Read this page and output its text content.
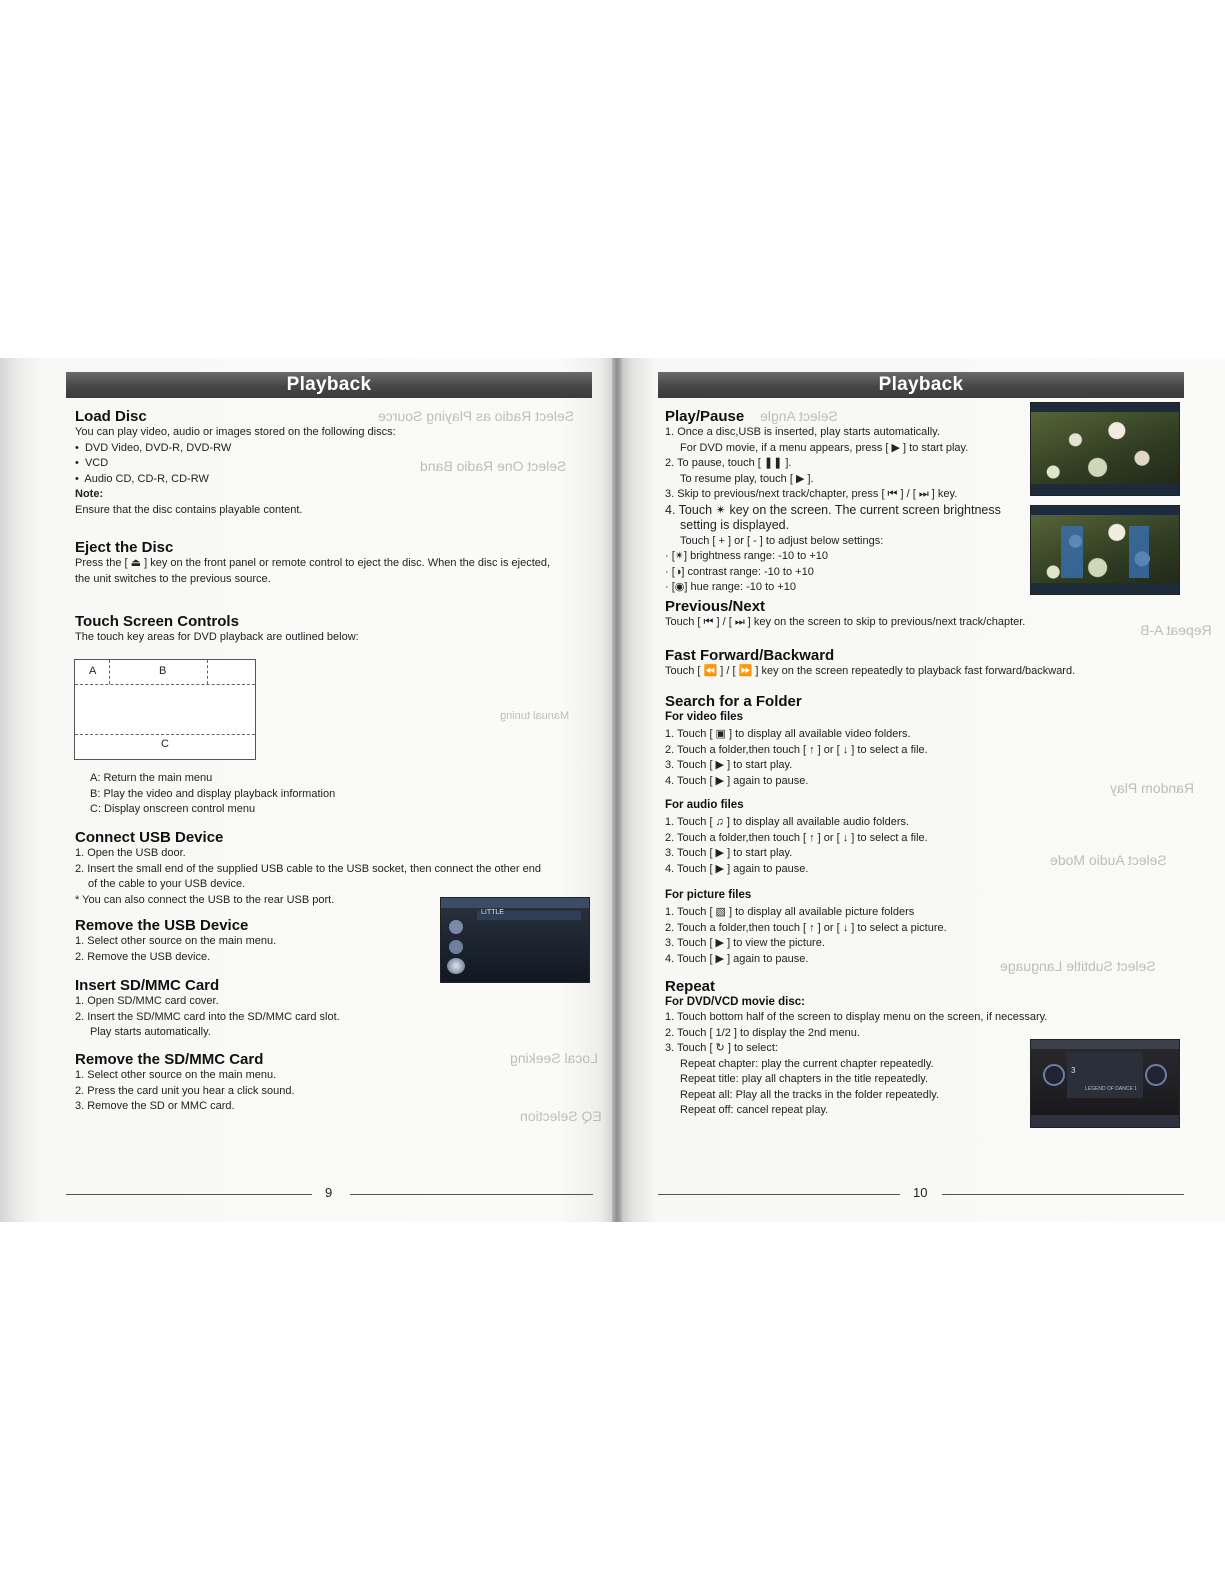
Select Radio as Playing Source
Select One Radio Band
Manual tuning
Local Seeking
EQ Selection
Select Angle
Repeat A-B
Random Play
Select Audio Mode
Select Subtitle Language
Playback
Load Disc
You can play video, audio or images stored on the following discs:
•  DVD Video, DVD-R, DVD-RW
•  VCD
•  Audio CD, CD-R, CD-RW
Note:
Ensure that the disc contains playable content.
Eject the Disc
Press the [ ⏏ ] key on the front panel or remote control to eject the disc. When the disc is ejected,
the unit switches to the previous source.
Touch Screen Controls
The touch key areas for DVD playback are outlined below:
A	B
C
A: Return the main menu
B: Play the video and display playback information
C: Display onscreen control menu
Connect USB Device
1. Open the USB door.
2. Insert the small end of the supplied USB cable to the USB socket, then connect the other end
of the cable to your USB device.
* You can also connect the USB to the rear USB port.
LITTLE
Remove the USB Device
1. Select other source on the main menu.
2. Remove the USB device.
Insert SD/MMC Card
1. Open SD/MMC card cover.
2. Insert the SD/MMC card into the SD/MMC card slot.
Play starts automatically.
Remove the SD/MMC Card
1. Select other source on the main menu.
2. Press the card unit you hear a click sound.
3. Remove the SD or MMC card.
9
Playback
Play/Pause
1. Once a disc,USB is inserted, play starts automatically.
For DVD movie, if a menu appears, press [ ▶ ] to start play.
2. To pause, touch [ ❚❚ ].
To resume play, touch [ ▶ ].
3. Skip to previous/next track/chapter, press [ ⏮ ] / [ ⏭ ] key.
4. Touch ✴ key on the screen. The current screen brightness
setting is displayed.
Touch [ + ] or [ - ] to adjust below settings:
· [✴] brightness range: -10 to +10
· [◑] contrast range: -10 to +10
· [◉] hue range: -10 to +10
Previous/Next
Touch [ ⏮ ] / [ ⏭ ] key on the screen to skip to previous/next track/chapter.
Fast Forward/Backward
Touch [ ⏪ ] / [ ⏩ ] key on the screen repeatedly to playback fast forward/backward.
Search for a Folder
For video files
1. Touch [ ▣ ] to display all available video folders.
2. Touch a folder,then touch [ ↑ ] or [ ↓ ] to select a file.
3. Touch [ ▶ ] to start play.
4. Touch [ ▶ ] again to pause.
For audio files
1. Touch [ ♫ ] to display all available audio folders.
2. Touch a folder,then touch [ ↑ ] or [ ↓ ] to select a file.
3. Touch [ ▶ ] to start play.
4. Touch [ ▶ ] again to pause.
For picture files
1. Touch [ ▧ ] to display all available picture folders
2. Touch a folder,then touch [ ↑ ] or [ ↓ ] to select a picture.
3. Touch [ ▶ ] to view the picture.
4. Touch [ ▶ ] again to pause.
Repeat
For DVD/VCD movie disc:
1. Touch bottom half of the screen to display menu on the screen, if necessary.
2. Touch [ 1/2 ] to display the 2nd menu.
3. Touch [ ↻ ] to select:
Repeat chapter: play the current chapter repeatedly.
Repeat title: play all chapters in the title repeatedly.
Repeat all: Play all the tracks in the folder repeatedly.
Repeat off: cancel repeat play.
3
LEGEND OF DANCE 1
10
